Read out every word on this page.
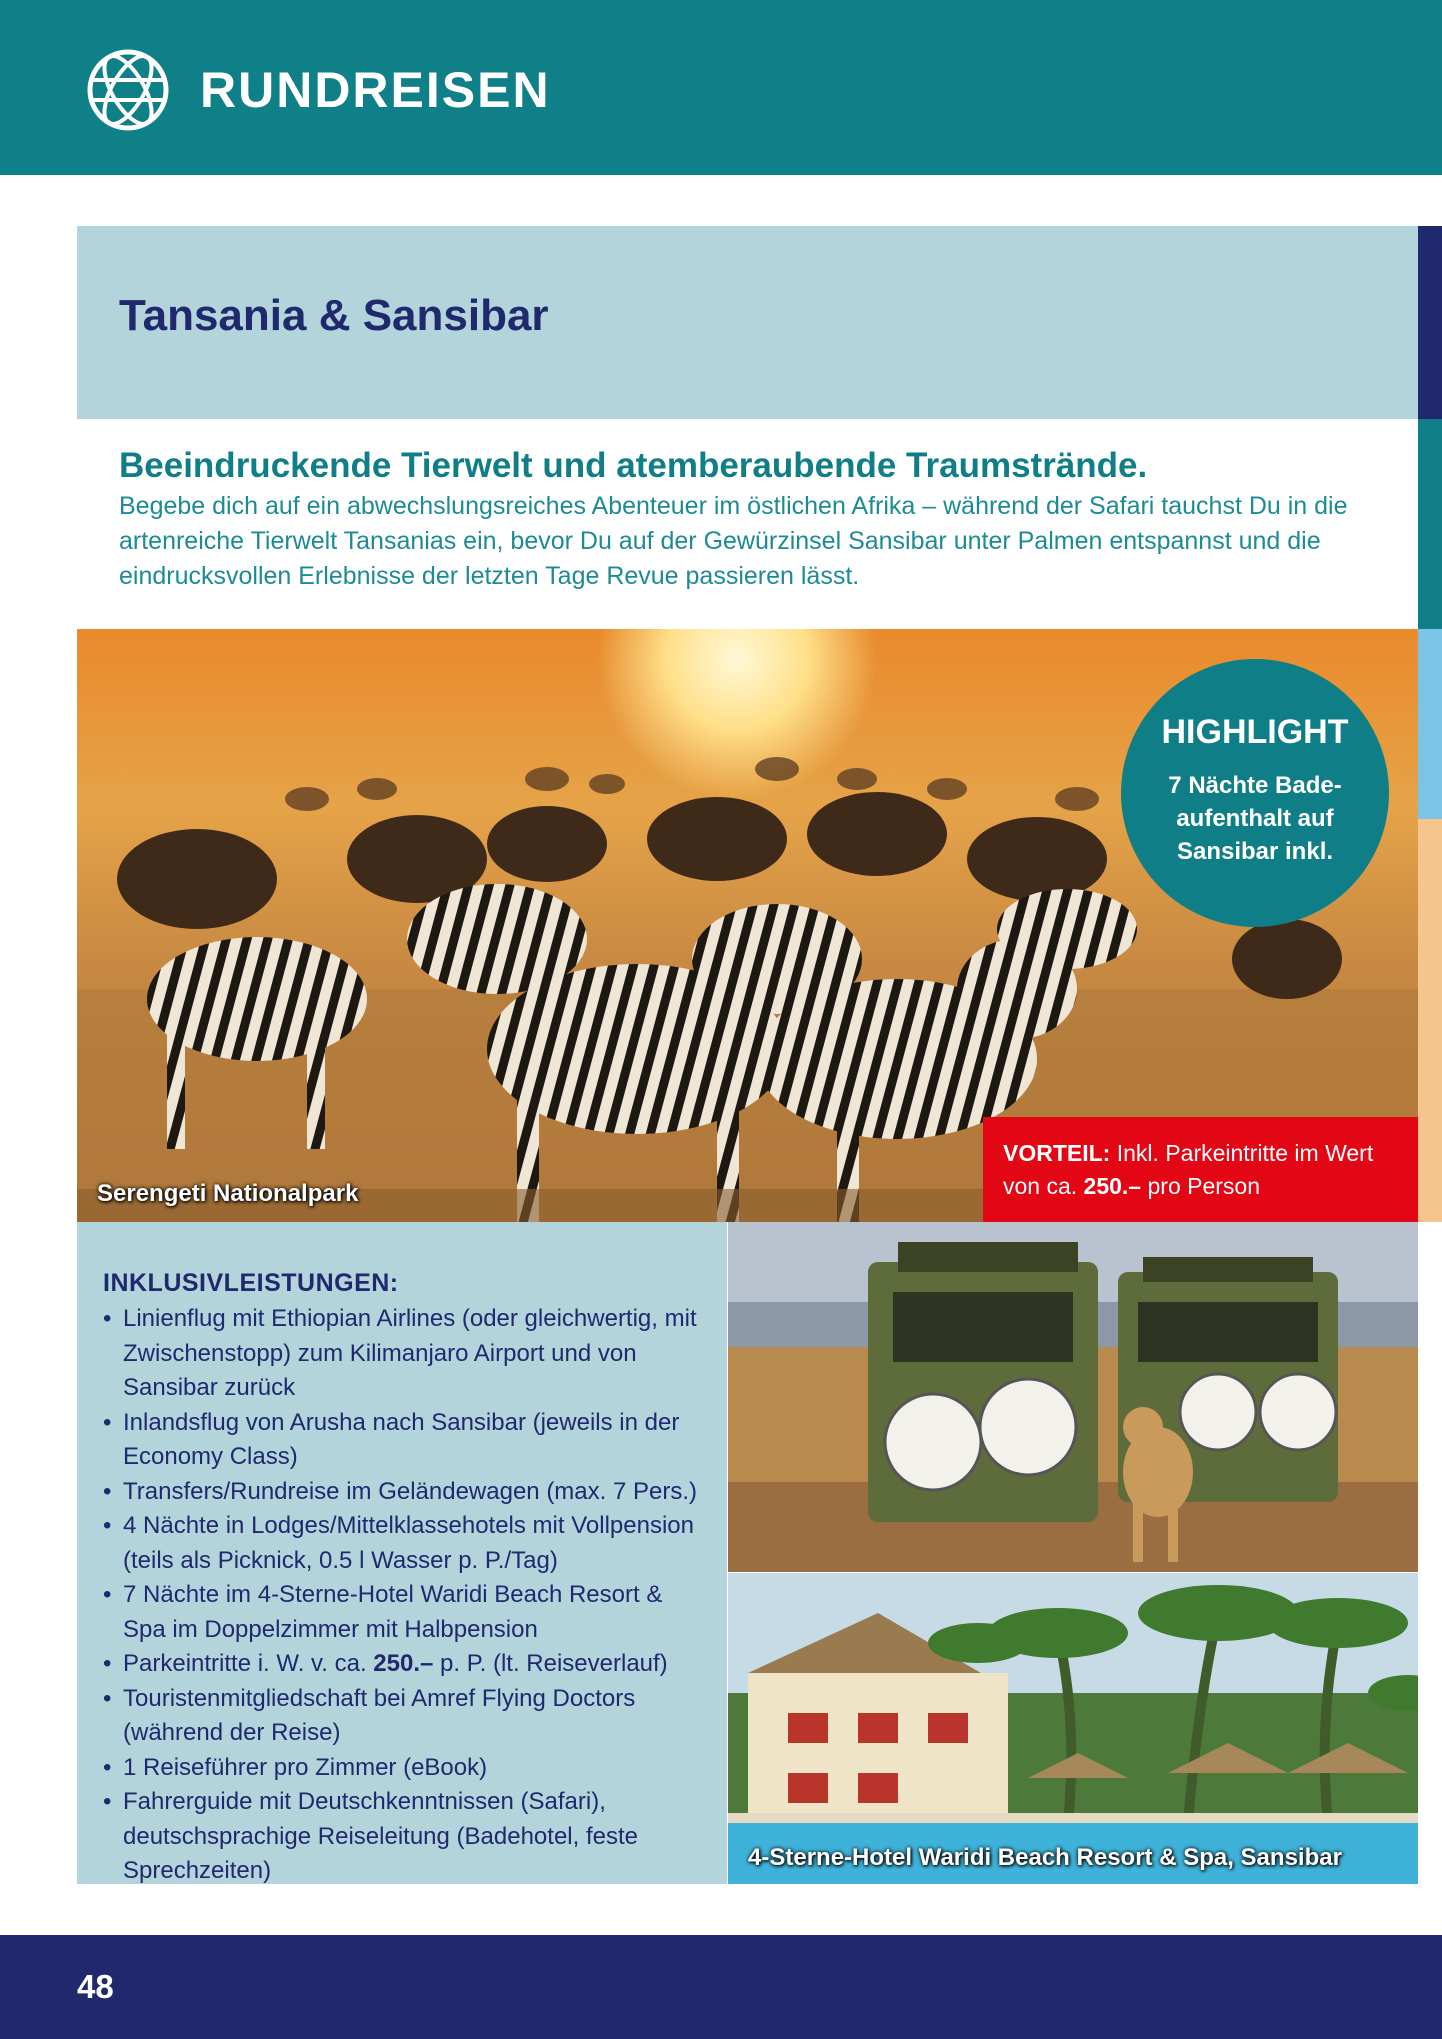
RUNDREISEN
Tansania & Sansibar
Beeindruckende Tierwelt und atemberaubende Traumstrände.
Begebe dich auf ein abwechslungsreiches Abenteuer im östlichen Afrika – während der Safari tauchst Du in die artenreiche Tierwelt Tansanias ein, bevor Du auf der Gewürzinsel Sansibar unter Palmen entspannst und die eindrucksvollen Erlebnisse der letzten Tage Revue passieren lässt.
Serengeti Nationalpark
HIGHLIGHT
7 Nächte Bade-aufenthalt auf Sansibar inkl.
VORTEIL: Inkl. Parkeintritte im Wert von ca. 250.– pro Person
INKLUSIVLEISTUNGEN:
• Linienflug mit Ethiopian Airlines (oder gleichwertig, mit Zwischenstopp) zum Kilimanjaro Airport und von Sansibar zurück
• Inlandsflug von Arusha nach Sansibar (jeweils in der Economy Class)
• Transfers/Rundreise im Geländewagen (max. 7 Pers.)
• 4 Nächte in Lodges/Mittelklassehotels mit Vollpension (teils als Picknick, 0.5 l Wasser p. P./Tag)
• 7 Nächte im 4-Sterne-Hotel Waridi Beach Resort & Spa im Doppelzimmer mit Halbpension
• Parkeintritte i. W. v. ca. 250.– p. P. (lt. Reiseverlauf)
• Touristenmitgliedschaft bei Amref Flying Doctors (während der Reise)
• 1 Reiseführer pro Zimmer (eBook)
• Fahrerguide mit Deutschkenntnissen (Safari), deutschsprachige Reiseleitung (Badehotel, feste Sprechzeiten)	4-Sterne-Hotel Waridi Beach Resort & Spa, Sansibar
48
